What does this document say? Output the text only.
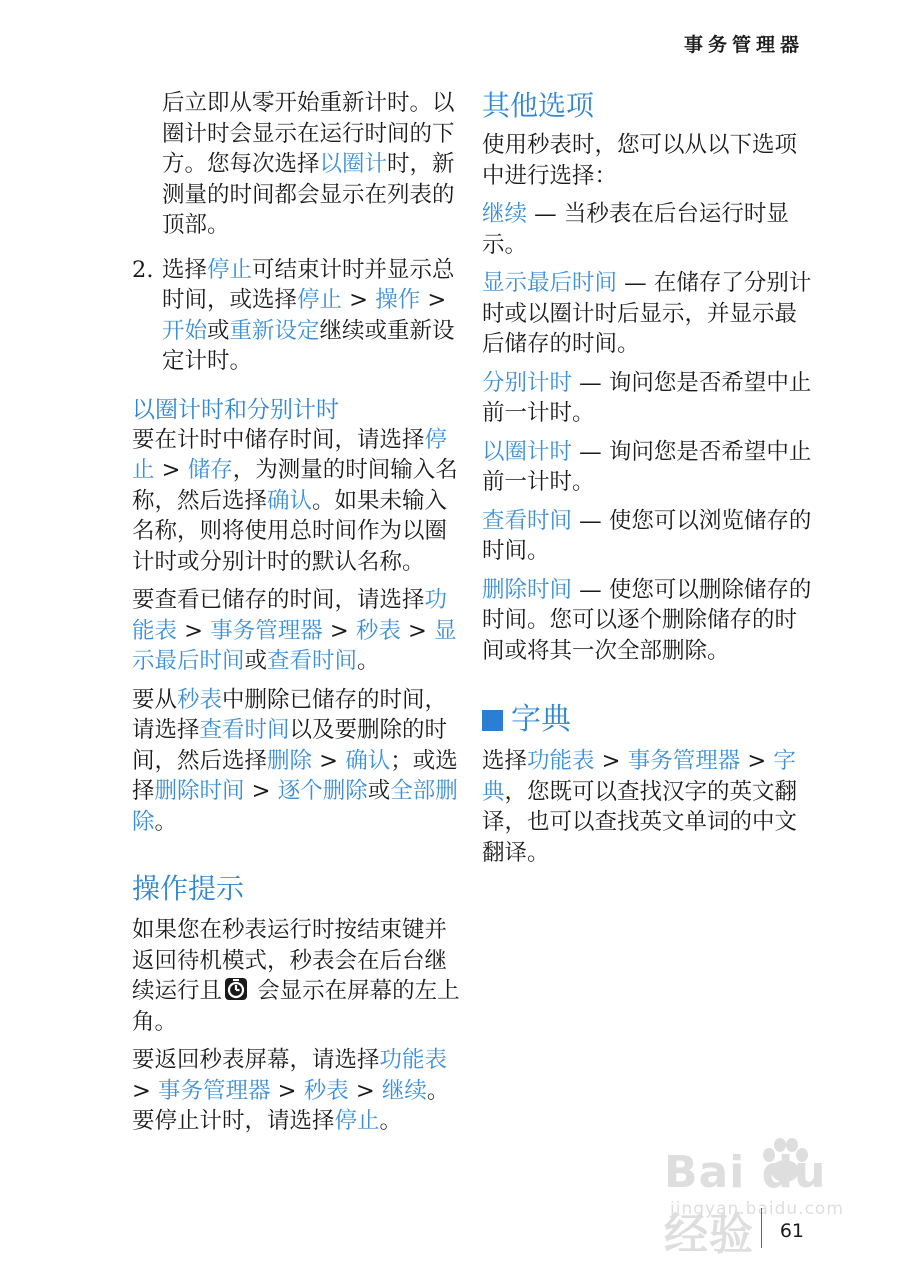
事务管理器

后立即从零开始重新计时。以圈计时会显示在运行时间的下方。您每次选择以圈计时，新测量的时间都会显示在列表的顶部。

2. 选择停止可结束计时并显示总时间，或选择停止 > 操作 > 开始或重新设定继续或重新设定计时。

以圈计时和分别计时

要在计时中储存时间，请选择停止 > 储存，为测量的时间输入名称，然后选择确认。如果未输入名称，则将使用总时间作为以圈计时或分别计时的默认名称。

要查看已储存的时间，请选择功能表 > 事务管理器 > 秒表 > 显示最后时间或查看时间。

要从秒表中删除已储存的时间，请选择查看时间以及要删除的时间，然后选择删除 > 确认；或选择删除时间 > 逐个删除或全部删除。

操作提示

如果您在秒表运行时按结束键并返回待机模式，秒表会在后台继续运行且 会显示在屏幕的左上角。

要返回秒表屏幕，请选择功能表 > 事务管理器 > 秒表 > 继续。要停止计时，请选择停止。

其他选项

使用秒表时，您可以从以下选项中进行选择：

继续 — 当秒表在后台运行时显示。

显示最后时间 — 在储存了分别计时或以圈计时后显示，并显示最后储存的时间。

分别计时 — 询问您是否希望中止前一计时。

以圈计时 — 询问您是否希望中止前一计时。

查看时间 — 使您可以浏览储存的时间。

删除时间 — 使您可以删除储存的时间。您可以逐个删除储存的时间或将其一次全部删除。

字典

选择功能表 > 事务管理器 > 字典，您既可以查找汉字的英文翻译，也可以查找英文单词的中文翻译。

Bai du 经验
jingyan.baidu.com
61
